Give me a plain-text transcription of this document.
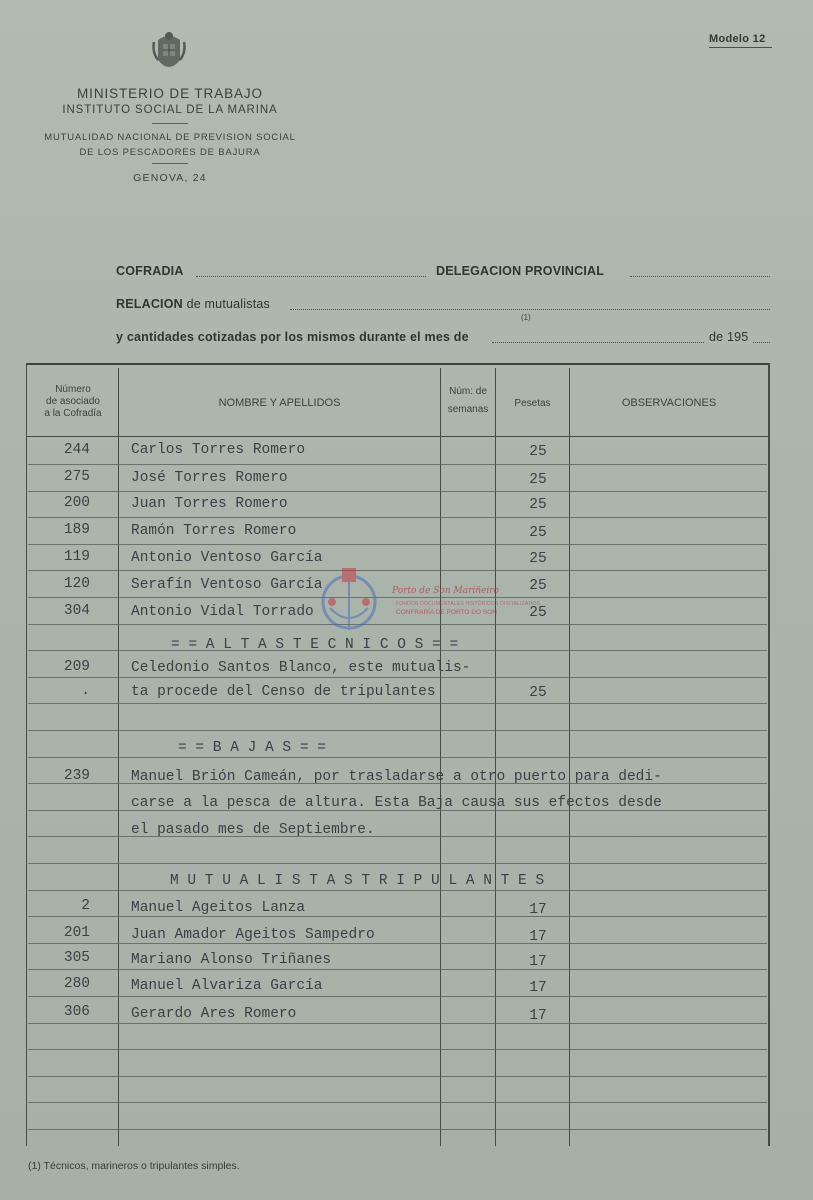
Modelo 12
MINISTERIO DE TRABAJO
INSTITUTO SOCIAL DE LA MARINA
MUTUALIDAD NACIONAL DE PREVISION SOCIAL
DE LOS PESCADORES DE BAJURA
GENOVA, 24
COFRADIA	DELEGACION PROVINCIAL
RELACION de mutualistas
(1)
y cantidades cotizadas por los mismos durante el mes de	de 195
Número
de asociado
a la Cofradía
NOMBRE Y APELLIDOS
Núm: de
semanas
Pesetas	OBSERVACIONES
244	Carlos Torres Romero	25
275	José Torres Romero	25
200	Juan Torres Romero	25
189	Ramón Torres Romero	25
119	Antonio Ventoso García	25
120	Serafín Ventoso García	25
304	Antonio Vidal Torrado	25
= = A L T A S T E C N I C O S = =
209	Celedonio Santos Blanco, este mutualis-
.	ta procede del Censo de tripulantes	25
= = B A J A S = =
239	Manuel Brión Camеán, por trasladarse a otro puerto para dedi-
carse a la pesca de altura. Esta Baja causa sus efectos desde
el pasado mes de Septiembre.
M U T U A L I S T A S T R I P U L A N T E S
2	Manuel Agеitos Lanza	17
201	Juan Amador Ageitos Sampedro	17
305	Mariano Alonso Triñanes	17
280	Manuel Alvariza García	17
306	Gerardo Ares Romero	17
Porto de Son Mariñeiro
FONDOS DOCUMENTALES HISTÓRICOS DIXITALIZADOS
CONFRARÍA DE PORTO DO SON
(1) Técnicos, marineros o tripulantes simples.
